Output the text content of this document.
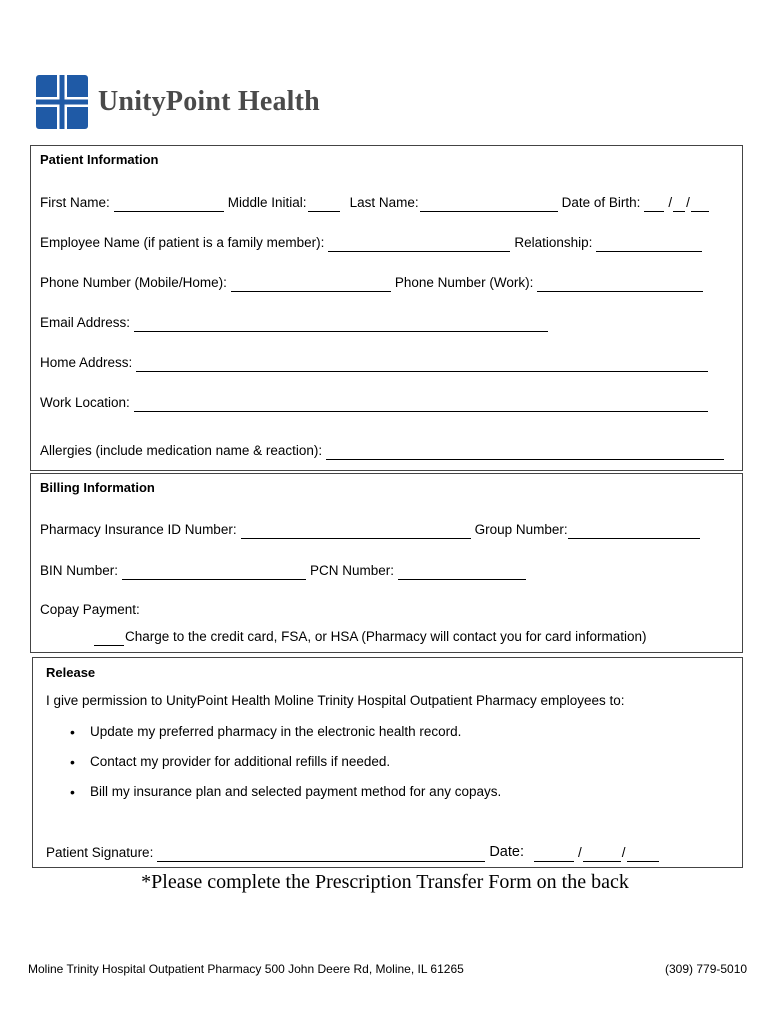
UnityPoint Health
Patient Information
First Name:	Middle Initial:	Last Name:	Date of Birth: / /
Employee Name (if patient is a family member):	Relationship:
Phone Number (Mobile/Home):	Phone Number (Work):
Email Address:
Home Address:
Work Location:
Allergies (include medication name & reaction):
Billing Information
Pharmacy Insurance ID Number:	Group Number:
BIN Number:	PCN Number:
Copay Payment:
Charge to the credit card, FSA, or HSA (Pharmacy will contact you for card information)
Release
I give permission to UnityPoint Health Moline Trinity Hospital Outpatient Pharmacy employees to:
• Update my preferred pharmacy in the electronic health record.
• Contact my provider for additional refills if needed.
• Bill my insurance plan and selected payment method for any copays.
Patient Signature:	Date:	/	/
*Please complete the Prescription Transfer Form on the back
Moline Trinity Hospital Outpatient Pharmacy 500 John Deere Rd, Moline, IL 61265	(309) 779-5010
